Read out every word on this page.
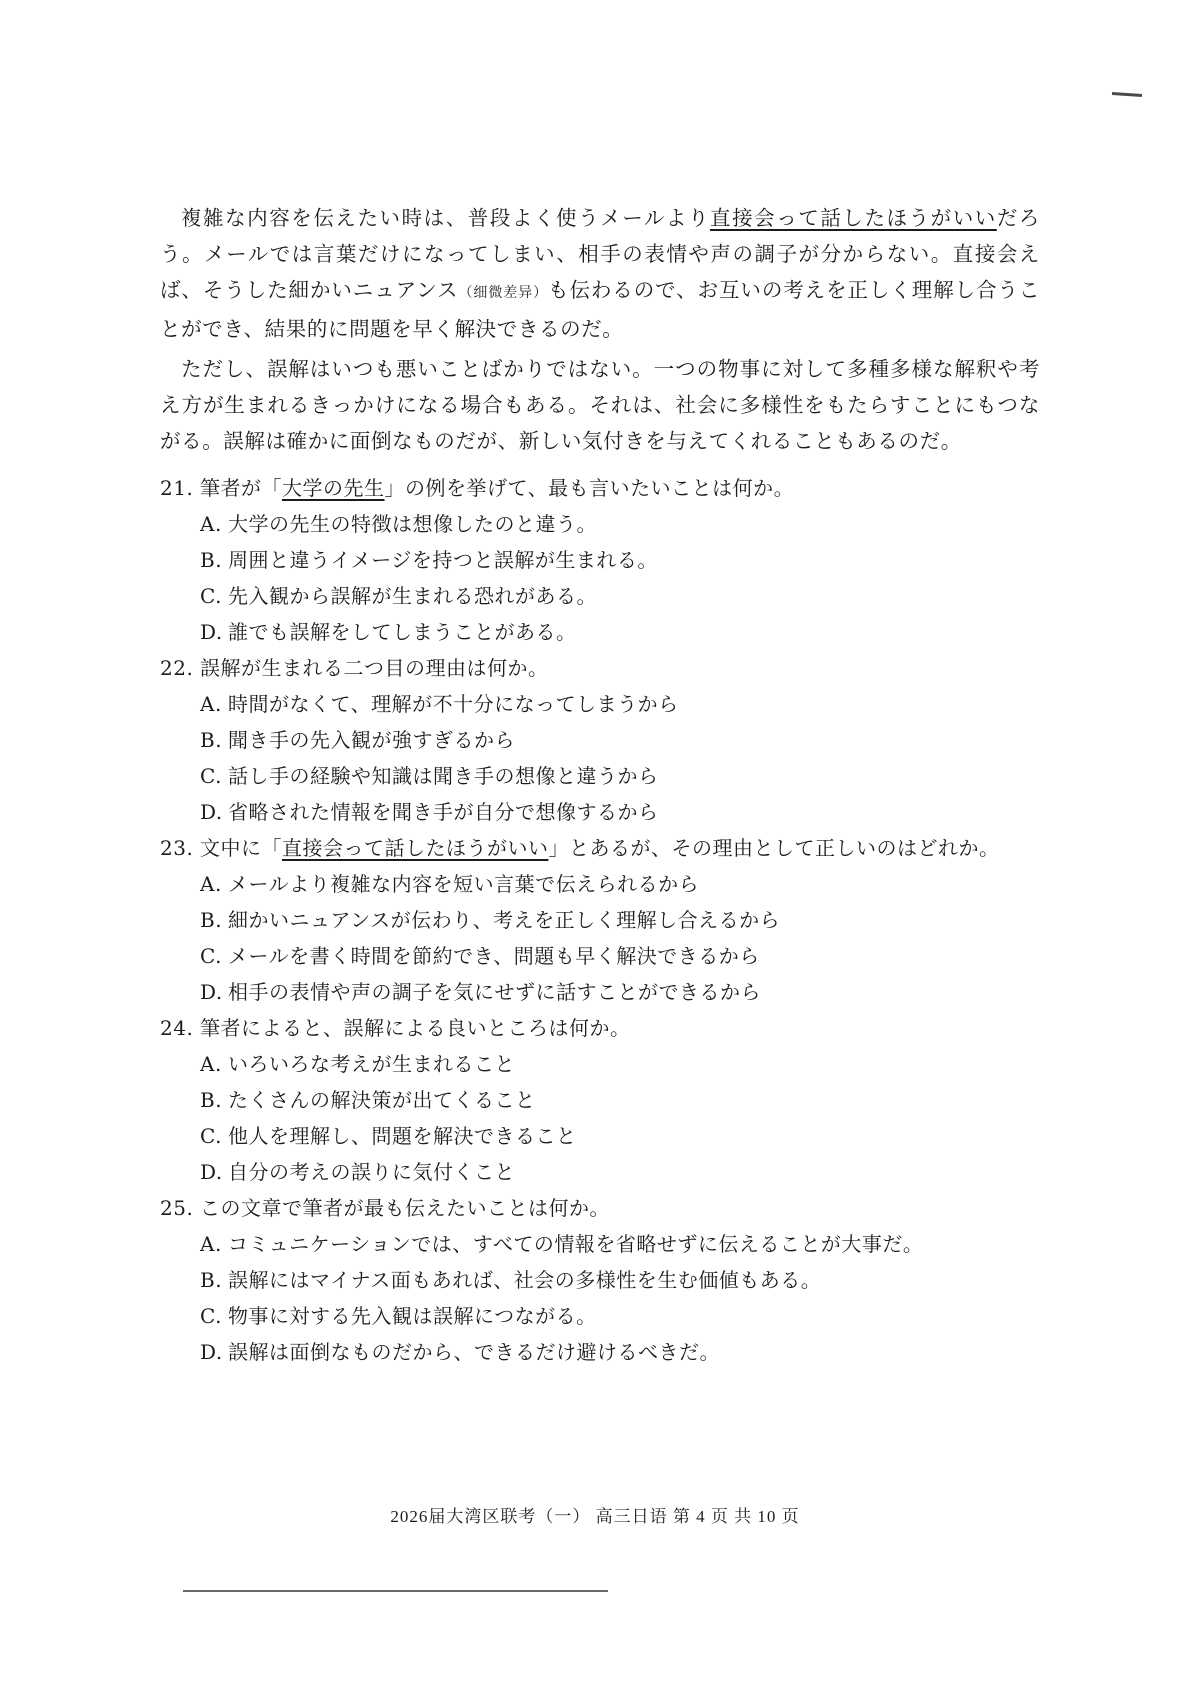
複雑な内容を伝えたい時は、普段よく使うメールより直接会って話したほうがいいだろう。メールでは言葉だけになってしまい、相手の表情や声の調子が分からない。直接会えば、そうした細かいニュアンス（细微差异）も伝わるので、お互いの考えを正しく理解し合うことができ、結果的に問題を早く解決できるのだ。

ただし、誤解はいつも悪いことばかりではない。一つの物事に対して多種多様な解釈や考え方が生まれるきっかけになる場合もある。それは、社会に多様性をもたらすことにもつながる。誤解は確かに面倒なものだが、新しい気付きを与えてくれることもあるのだ。

21. 筆者が「大学の先生」の例を挙げて、最も言いたいことは何か。
A. 大学の先生の特徴は想像したのと違う。
B. 周囲と違うイメージを持つと誤解が生まれる。
C. 先入観から誤解が生まれる恐れがある。
D. 誰でも誤解をしてしまうことがある。
22. 誤解が生まれる二つ目の理由は何か。
A. 時間がなくて、理解が不十分になってしまうから
B. 聞き手の先入観が強すぎるから
C. 話し手の経験や知識は聞き手の想像と違うから
D. 省略された情報を聞き手が自分で想像するから
23. 文中に「直接会って話したほうがいい」とあるが、その理由として正しいのはどれか。
A. メールより複雑な内容を短い言葉で伝えられるから
B. 細かいニュアンスが伝わり、考えを正しく理解し合えるから
C. メールを書く時間を節約でき、問題も早く解決できるから
D. 相手の表情や声の調子を気にせずに話すことができるから
24. 筆者によると、誤解による良いところは何か。
A. いろいろな考えが生まれること
B. たくさんの解決策が出てくること
C. 他人を理解し、問題を解決できること
D. 自分の考えの誤りに気付くこと
25. この文章で筆者が最も伝えたいことは何か。
A. コミュニケーションでは、すべての情報を省略せずに伝えることが大事だ。
B. 誤解にはマイナス面もあれば、社会の多様性を生む価値もある。
C. 物事に対する先入観は誤解につながる。
D. 誤解は面倒なものだから、できるだけ避けるべきだ。
2026届大湾区联考（一） 高三日语 第 4 页 共 10 页
